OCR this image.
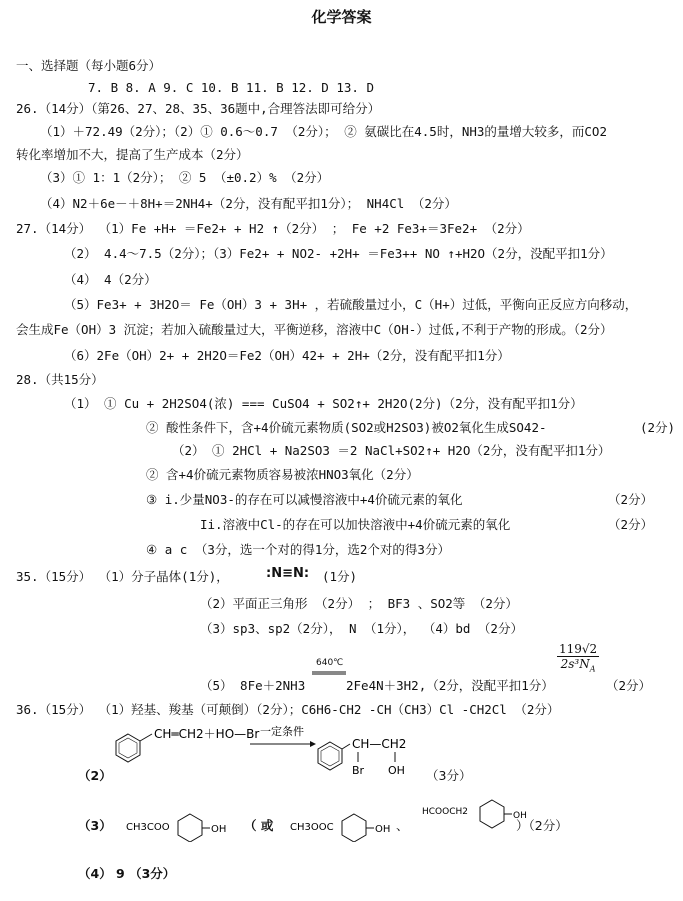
化学答案
一、选择题（每小题6分）
7. B 8. A 9. C 10. B 11. B 12. D 13. D
26.（14分）（第26、27、28、35、36题中,合理答法即可给分）
（1）＋72.49（2分）；（2）① 0.6～0.7 （2分）； ② 氨碳比在4.5时，NH3的量增大较多，而CO2
转化率增加不大，提高了生产成本（2分）
（3）① 1：1（2分）； ② 5 （±0.2）% （2分）
（4）N2＋6e－＋8H+＝2NH4+（2分，没有配平扣1分）； NH4Cl （2分）
27.（14分） （1）Fe +H+ ＝Fe2+ + H2 ↑（2分） ； Fe +2 Fe3+＝3Fe2+ （2分）
（2） 4.4～7.5（2分）；（3）Fe2+ + NO2- +2H+ ＝Fe3++ NO ↑+H2O（2分，没配平扣1分）
（4） 4（2分）
（5）Fe3+ + 3H2O＝ Fe（OH）3 + 3H+ ，若硫酸量过小，C（H+）过低，平衡向正反应方向移动，
会生成Fe（OH）3 沉淀；若加入硫酸量过大，平衡逆移，溶液中C（OH-）过低,不利于产物的形成。（2分）
（6）2Fe（OH）2+ + 2H2O＝Fe2（OH）42+ + 2H+（2分，没有配平扣1分）
28.（共15分）
（1） ① Cu + 2H2SO4(浓) === CuSO4 + SO2↑+ 2H2O(2分)（2分，没有配平扣1分）
② 酸性条件下，含+4价硫元素物质(SO2或H2SO3)被O2氧化生成SO42-	(2分)
（2） ① 2HCl + Na2SO3 ＝2 NaCl+SO2↑+ H2O（2分，没有配平扣1分）
② 含+4价硫元素物质容易被浓HNO3氧化（2分）
③ i.少量NO3-的存在可以减慢溶液中+4价硫元素的氧化	（2分）
Ii.溶液中Cl-的存在可以加快溶液中+4价硫元素的氧化	（2分）
④ a c （3分，选一个对的得1分，选2个对的得3分）
35.（15分） （1）分子晶体(1分)，	:N≡N: (1分)
（2）平面正三角形 （2分） ； BF3 、SO2等 （2分）
（3）sp3、sp2（2分）， N （1分）， （4）bd （2分）
（5） 8Fe＋2NH3
640℃
2Fe4N＋3H2,（2分，没配平扣1分）
119√2
$2s^3N_A$
（2分）
36.（15分） （1）羟基、羧基（可颠倒）（2分）；C6H6-CH2 -CH（CH3）Cl -CH2Cl （2分）
（2）
CH═CH2＋HO—Br 一定条件
CH—CH2
Br OH （3分）
（3） CH3COO	OH （ 或 CH3OOC	OH 、
HCOOCH2	OH
）（2分）
（4） 9 （3分）
